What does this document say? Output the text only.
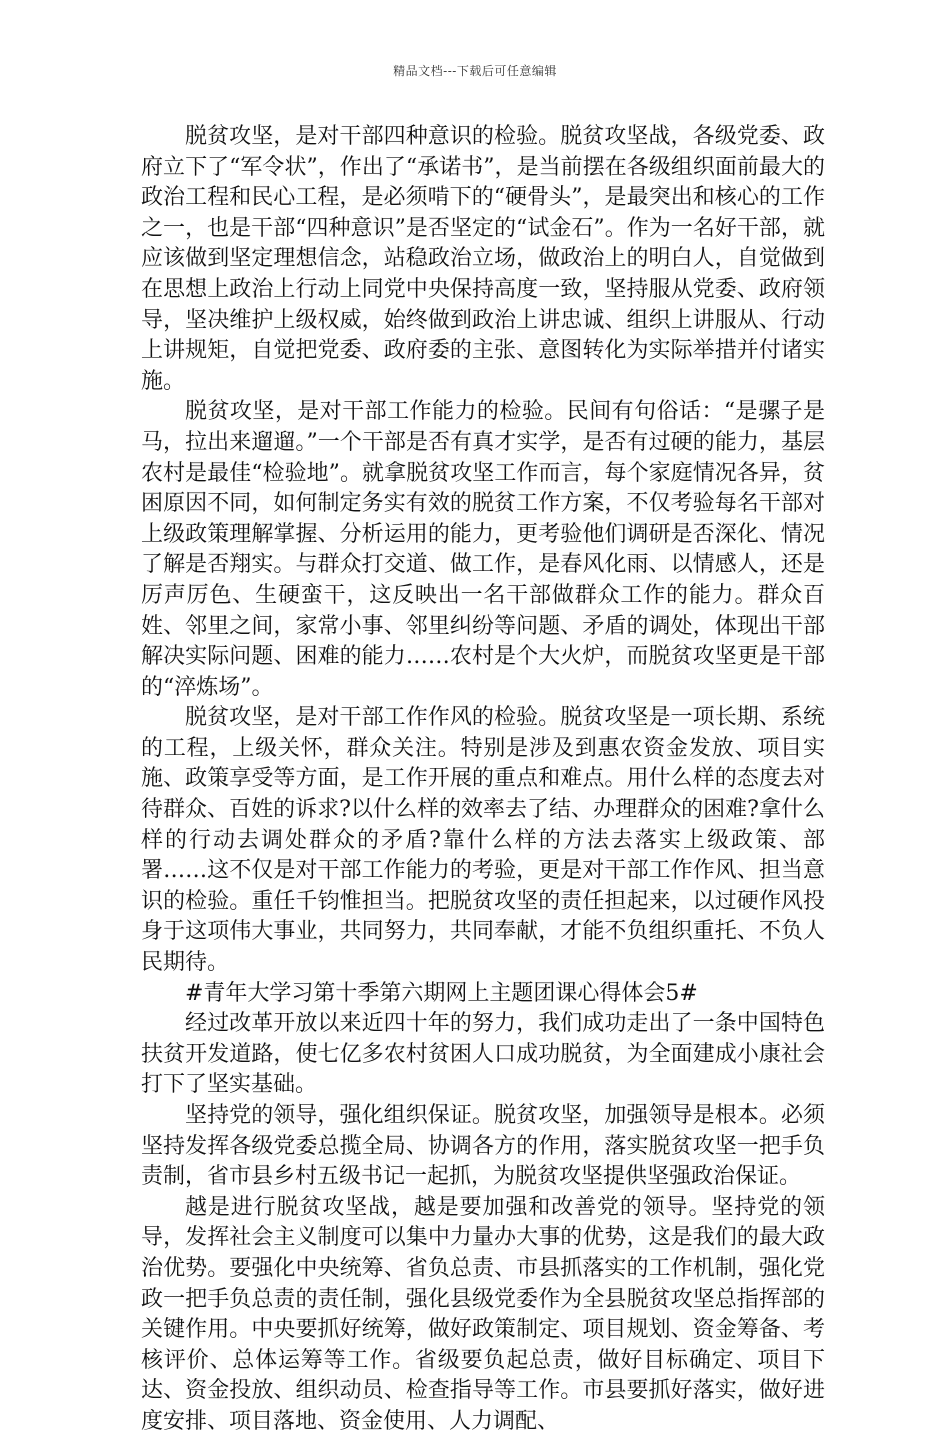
精品文档---下载后可任意编辑

脱贫攻坚，是对干部四种意识的检验。脱贫攻坚战，各级党委、政府立下了“军令状”，作出了“承诺书”，是当前摆在各级组织面前最大的政治工程和民心工程，是必须啃下的“硬骨头”，是最突出和核心的工作之一，也是干部“四种意识”是否坚定的“试金石”。作为一名好干部，就应该做到坚定理想信念，站稳政治立场，做政治上的明白人，自觉做到在思想上政治上行动上同党中央保持高度一致，坚持服从党委、政府领导，坚决维护上级权威，始终做到政治上讲忠诚、组织上讲服从、行动上讲规矩，自觉把党委、政府委的主张、意图转化为实际举措并付诸实施。

脱贫攻坚，是对干部工作能力的检验。民间有句俗话：“是骡子是马，拉出来遛遛。”一个干部是否有真才实学，是否有过硬的能力，基层农村是最佳“检验地”。就拿脱贫攻坚工作而言，每个家庭情况各异，贫困原因不同，如何制定务实有效的脱贫工作方案，不仅考验每名干部对上级政策理解掌握、分析运用的能力，更考验他们调研是否深化、情况了解是否翔实。与群众打交道、做工作，是春风化雨、以情感人，还是厉声厉色、生硬蛮干，这反映出一名干部做群众工作的能力。群众百姓、邻里之间，家常小事、邻里纠纷等问题、矛盾的调处，体现出干部解决实际问题、困难的能力……农村是个大火炉，而脱贫攻坚更是干部的“淬炼场”。

脱贫攻坚，是对干部工作作风的检验。脱贫攻坚是一项长期、系统的工程，上级关怀，群众关注。特别是涉及到惠农资金发放、项目实施、政策享受等方面，是工作开展的重点和难点。用什么样的态度去对待群众、百姓的诉求?以什么样的效率去了结、办理群众的困难?拿什么样的行动去调处群众的矛盾?靠什么样的方法去落实上级政策、部署……这不仅是对干部工作能力的考验，更是对干部工作作风、担当意识的检验。重任千钧惟担当。把脱贫攻坚的责任担起来，以过硬作风投身于这项伟大事业，共同努力，共同奉献，才能不负组织重托、不负人民期待。

#青年大学习第十季第六期网上主题团课心得体会5#

经过改革开放以来近四十年的努力，我们成功走出了一条中国特色扶贫开发道路，使七亿多农村贫困人口成功脱贫，为全面建成小康社会打下了坚实基础。

坚持党的领导，强化组织保证。脱贫攻坚，加强领导是根本。必须坚持发挥各级党委总揽全局、协调各方的作用，落实脱贫攻坚一把手负责制，省市县乡村五级书记一起抓，为脱贫攻坚提供坚强政治保证。

越是进行脱贫攻坚战，越是要加强和改善党的领导。坚持党的领导，发挥社会主义制度可以集中力量办大事的优势，这是我们的最大政治优势。要强化中央统筹、省负总责、市县抓落实的工作机制，强化党政一把手负总责的责任制，强化县级党委作为全县脱贫攻坚总指挥部的关键作用。中央要抓好统筹，做好政策制定、项目规划、资金筹备、考核评价、总体运筹等工作。省级要负起总责，做好目标确定、项目下达、资金投放、组织动员、检查指导等工作。市县要抓好落实，做好进度安排、项目落地、资金使用、人力调配、
